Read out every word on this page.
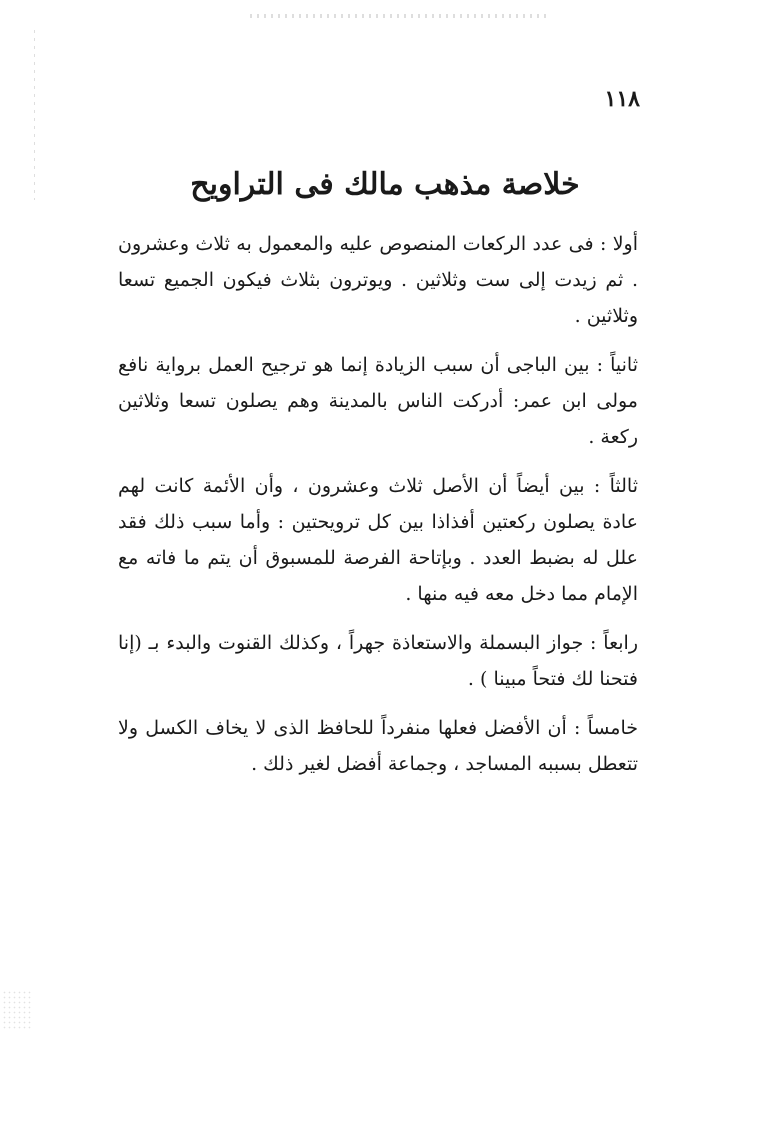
١١٨
خلاصة مذهب مالك فى التراويح

أولا : فى عدد الركعات المنصوص عليه والمعمول به ثلاث وعشرون . ثم زيدت إلى ست وثلاثين . ويوترون بثلاث فيكون الجميع تسعا وثلاثين .

ثانياً : بين الباجى أن سبب الزيادة إنما هو ترجيح العمل برواية نافع مولى ابن عمر: أدركت الناس بالمدينة وهم يصلون تسعا وثلاثين ركعة .

ثالثاً : بين أيضاً أن الأصل ثلاث وعشرون ، وأن الأئمة كانت لهم عادة يصلون ركعتين أفذاذا بين كل ترويحتين : وأما سبب ذلك فقد علل له بضبط العدد . وبإتاحة الفرصة للمسبوق أن يتم ما فاته مع الإمام مما دخل معه فيه منها .

رابعاً : جواز البسملة والاستعاذة جهراً ، وكذلك القنوت والبدء بـ (إنا فتحنا لك فتحاً مبينا ) .

خامساً : أن الأفضل فعلها منفرداً للحافظ الذى لا يخاف الكسل ولا تتعطل بسببه المساجد ، وجماعة أفضل لغير ذلك .
